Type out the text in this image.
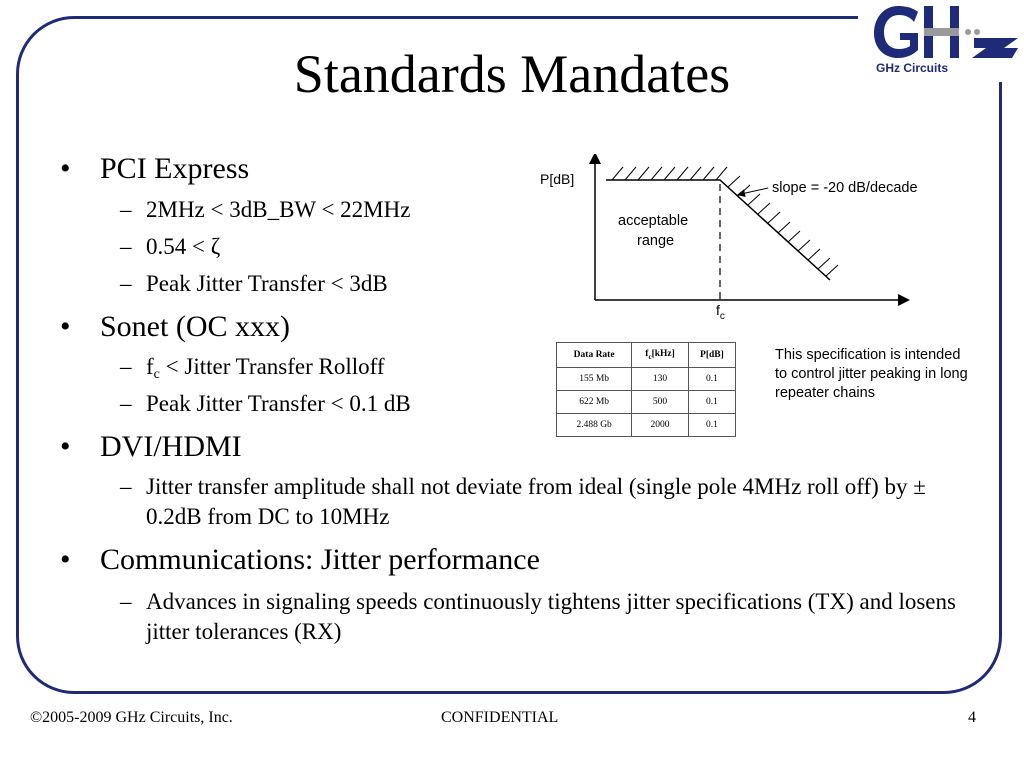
GHz Circuits
Standards Mandates
• PCI Express
– 2MHz < 3dB_BW < 22MHz
– 0.54 < ζ
– Peak Jitter Transfer < 3dB
• Sonet (OC xxx)
– $f_c$ < Jitter Transfer Rolloff
– Peak Jitter Transfer < 0.1 dB
• DVI/HDMI
– Jitter transfer amplitude shall not deviate from ideal (single pole 4MHz roll off) by ± 0.2dB from DC to 10MHz
• Communications: Jitter performance
– Advances in signaling speeds continuously tightens jitter specifications (TX) and losens jitter tolerances (RX)
P[dB]
acceptable
range
slope = -20 dB/decade
$f_c$
Data Rate	$f_c[kHz]$	P[dB]
155 Mb	130	0.1
622 Mb	500	0.1
2.488 Gb	2000	0.1
This specification is intended to control jitter peaking in long repeater chains
©2005-2009 GHz Circuits, Inc.	CONFIDENTIAL	4
